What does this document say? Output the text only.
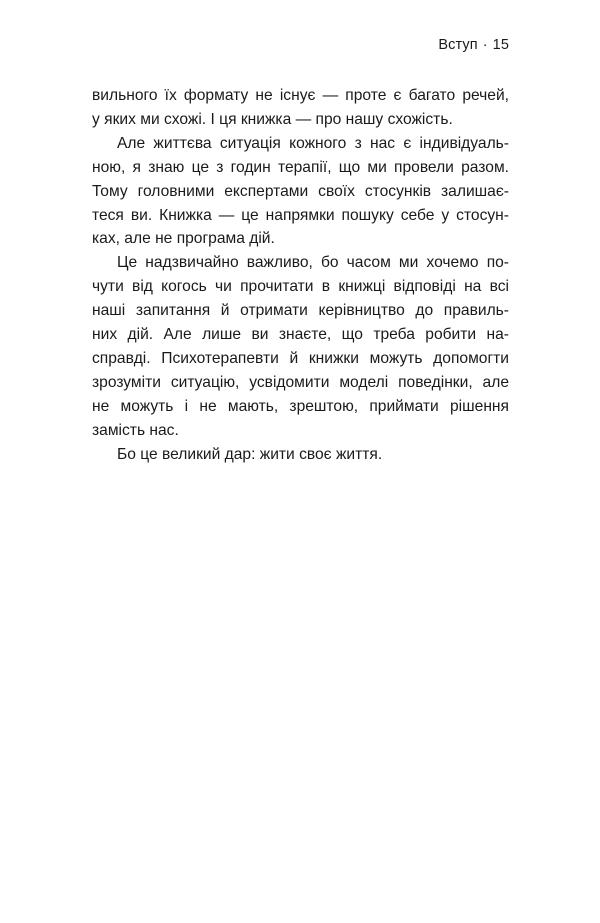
Вступ · 15
вильного їх формату не існує — проте є багато речей,
у яких ми схожі. І ця книжка — про нашу схожість.
Але життєва ситуація кожного з нас є індивідуаль-
ною, я знаю це з годин терапії, що ми провели разом.
Тому головними експертами своїх стосунків залишає-
теся ви. Книжка — це напрямки пошуку себе у стосун-
ках, але не програма дій.
Це надзвичайно важливо, бо часом ми хочемо по-
чути від когось чи прочитати в книжці відповіді на всі
наші запитання й отримати керівництво до правиль-
них дій. Але лише ви знаєте, що треба робити на-
справді. Психотерапевти й книжки можуть допомогти
зрозуміти ситуацію, усвідомити моделі поведінки, але
не можуть і не мають, зрештою, приймати рішення
замість нас.
Бо це великий дар: жити своє життя.
